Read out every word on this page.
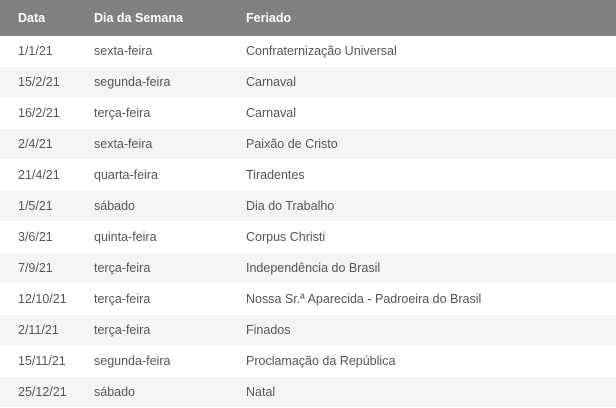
Data	Dia da Semana	Feriado
1/1/21	sexta-feira	Confraternização Universal
15/2/21	segunda-feira	Carnaval
16/2/21	terça-feira	Carnaval
2/4/21	sexta-feira	Paixão de Cristo
21/4/21	quarta-feira	Tiradentes
1/5/21	sábado	Dia do Trabalho
3/6/21	quinta-feira	Corpus Christi
7/9/21	terça-feira	Independência do Brasil
12/10/21	terça-feira	Nossa Sr.ª Aparecida - Padroeira do Brasil
2/11/21	terça-feira	Finados
15/11/21	segunda-feira	Proclamação da República
25/12/21	sábado	Natal
